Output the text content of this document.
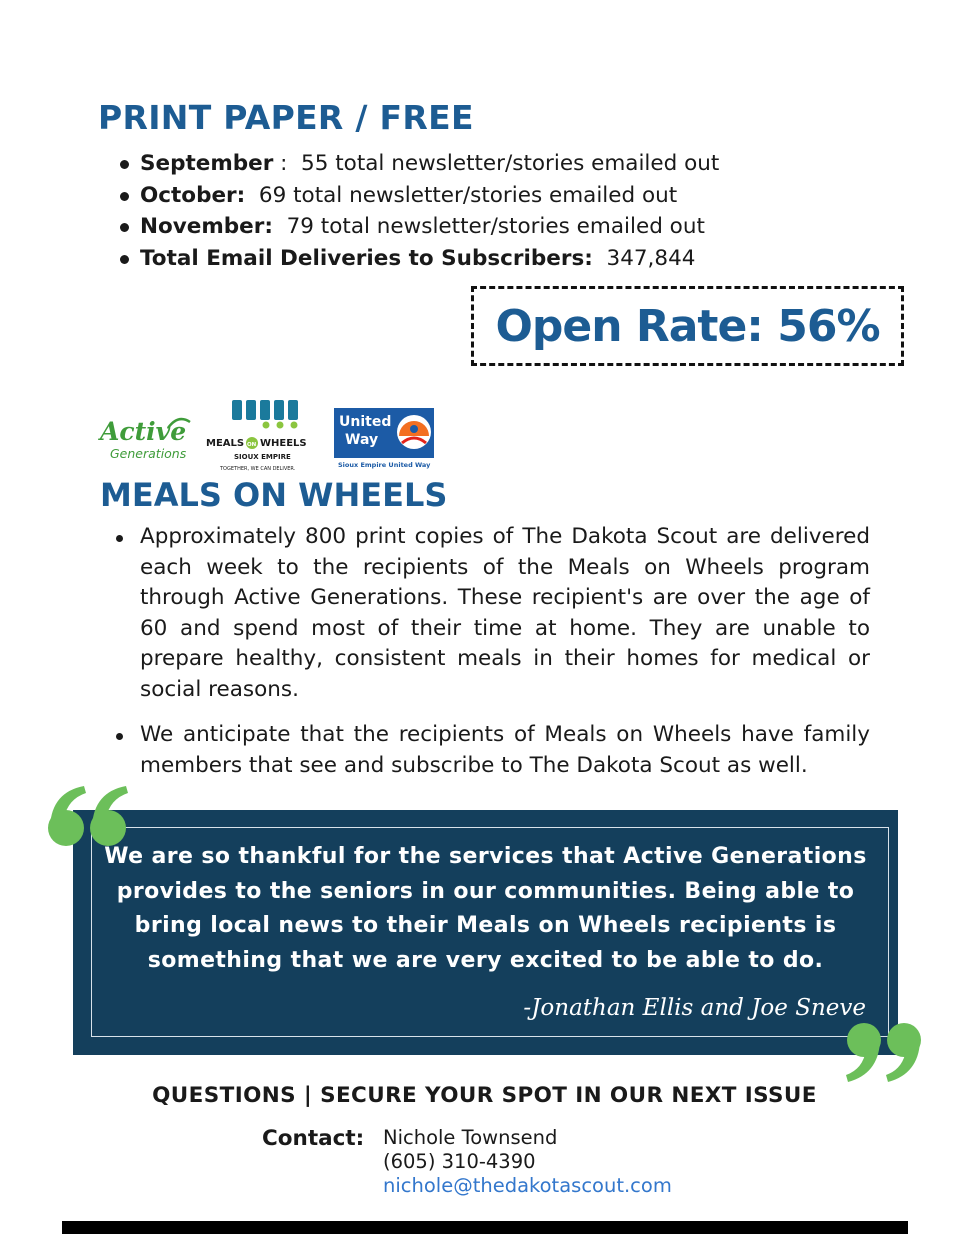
PRINT PAPER / FREE
September :  55 total newsletter/stories emailed out
October: 69 total newsletter/stories emailed out
November: 79 total newsletter/stories emailed out
Total Email Deliveries to Subscribers: 347,844
Open Rate: 56%
Active
Generations
MEALS ON WHEELS
SIOUX EMPIRE
TOGETHER, WE CAN DELIVER.
United
Way
Sioux Empire United Way
MEALS ON WHEELS
Approximately 800 print copies of The Dakota Scout are delivered each week to the recipients of the Meals on Wheels program through Active Generations. These recipient's are over the age of 60 and spend most of their time at home. They are unable to prepare healthy, consistent meals in their homes for medical or social reasons.
We anticipate that the recipients of Meals on Wheels have family members that see and subscribe to The Dakota Scout as well.
We are so thankful for the services that Active Generations provides to the seniors in our communities. Being able to bring local news to their Meals on Wheels recipients is something that we are very excited to be able to do.
-Jonathan Ellis and Joe Sneve
QUESTIONS | SECURE YOUR SPOT IN OUR NEXT ISSUE
Contact: Nichole Townsend
(605) 310-4390
nichole@thedakotascout.com
